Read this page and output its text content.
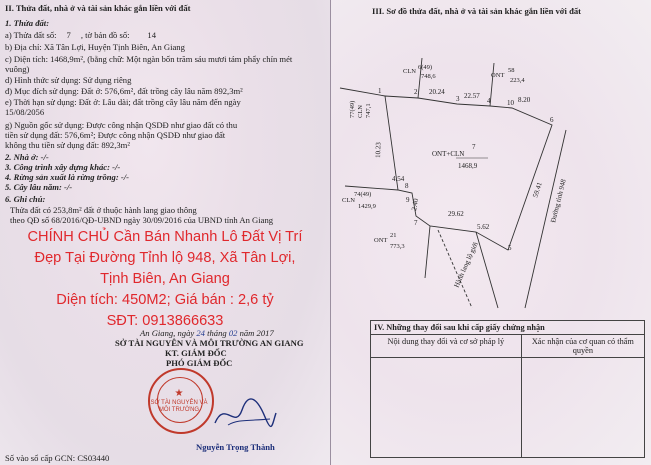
II. Thửa đất, nhà ở và tài sản khác gắn liền với đất
1. Thửa đất:
a) Thửa đất số: 7 , tờ bản đồ số: 14
b) Địa chỉ: Xã Tân Lợi, Huyện Tịnh Biên, An Giang
c) Diện tích: 1468,9m², (bằng chữ: Một ngàn bốn trăm sáu mươi tám phẩy chín mét
vuông)
d) Hình thức sử dụng: Sử dụng riêng
đ) Mục đích sử dụng: Đất ở: 576,6m², đất trồng cây lâu năm 892,3m²
e) Thời hạn sử dụng: Đất ở: Lâu dài; đất trồng cây lâu năm đến ngày
15/08/2056
g) Nguồn gốc sử dụng: Được công nhận QSDĐ như giao đất có thu
tiền sử dụng đất: 576,6m²; Được công nhận QSDĐ như giao đất
không thu tiền sử dụng đất: 892,3m²
2. Nhà ở: -/-
3. Công trình xây dựng khác: -/-
4. Rừng sản xuất là rừng trồng: -/-
5. Cây lâu năm: -/-
6. Ghi chú:
Thửa đất có 253,8m² đất ở thuộc hành lang giao thông
theo QĐ số 68/2016/QĐ-UBND ngày 30/09/2016 của UBND tỉnh An Giang
CHÍNH CHỦ Cần Bán Nhanh Lô Đất Vị Trí
Đẹp Tại Đường Tỉnh lộ 948, Xã Tân Lợi,
Tịnh Biên, An Giang
Diện tích: 450M2; Giá bán : 2,6 tỷ
SĐT: 0913866633
An Giang, ngày 24 tháng 02 năm 2017
SỞ TÀI NGUYÊN VÀ MÔI TRƯỜNG AN GIANG
KT. GIÁM ĐỐC
PHÓ GIÁM ĐỐC
★
SỞ TÀI NGUYÊN VÀ MÔI TRƯỜNG
Nguyễn Trọng Thành
Số vào sổ cấp GCN: CS03440
III. Sơ đồ thửa đất, nhà ở và tài sản khác gắn liền với đất
1	2
3	4
5
6
7
8
9
10
20.24	22.57	8.20
59.41
29.62
5.62
10.23
4.54
2.40
7
ONT+CLN
1468,9
6(49)
CLN
748,6
58
ONT
223,4
77(49) CLN 747,1
74(49)
CLN
1429,9
21
ONT
773,3
Đường tỉnh 948
Hành lang lộ giới
IV. Những thay đổi sau khi cấp giấy chứng nhận	
Nội dung thay đổi và cơ sở pháp lý	Xác nhận của cơ quan có thẩm quyền
